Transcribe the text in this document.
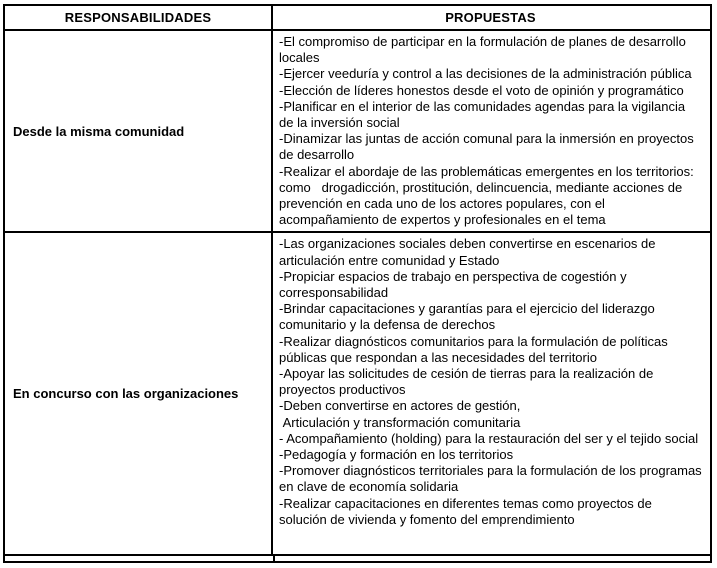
RESPONSABILIDADES	PROPUESTAS
Desde la misma comunidad
-El compromiso de participar en la formulación de planes de desarrollo locales
-Ejercer veeduría y control a las decisiones de la administración pública
-Elección de líderes honestos desde el voto de opinión y programático
-Planificar en el interior de las comunidades agendas para la vigilancia de la inversión social
-Dinamizar las juntas de acción comunal para la inmersión en proyectos de desarrollo
-Realizar el abordaje de las problemáticas emergentes en los territorios: como   drogadicción, prostitución, delincuencia, mediante acciones de prevención en cada uno de los actores populares, con el acompañamiento de expertos y profesionales en el tema
En concurso con las organizaciones
-Las organizaciones sociales deben convertirse en escenarios de articulación entre comunidad y Estado
-Propiciar espacios de trabajo en perspectiva de cogestión y corresponsabilidad
-Brindar capacitaciones y garantías para el ejercicio del liderazgo comunitario y la defensa de derechos
-Realizar diagnósticos comunitarios para la formulación de políticas públicas que respondan a las necesidades del territorio
-Apoyar las solicitudes de cesión de tierras para la realización de proyectos productivos
-Deben convertirse en actores de gestión,
Articulación y transformación comunitaria
- Acompañamiento (holding) para la restauración del ser y el tejido social
-Pedagogía y formación en los territorios
-Promover diagnósticos territoriales para la formulación de los programas en clave de economía solidaria
-Realizar capacitaciones en diferentes temas como proyectos de solución de vivienda y fomento del emprendimiento
